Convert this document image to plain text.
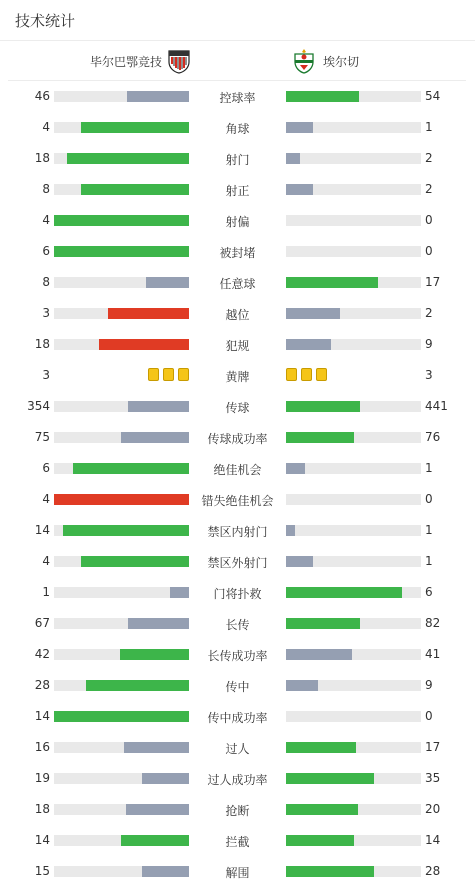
技术统计
毕尔巴鄂竞技	埃尔切
46	控球率	54
4	角球	1
18	射门	2
8	射正	2
4	射偏	0
6	被封堵	0
8	任意球	17
3	越位	2
18	犯规	9
3	黄牌	3
354	传球	441
75	传球成功率	76
6	绝佳机会	1
4	错失绝佳机会	0
14	禁区内射门	1
4	禁区外射门	1
1	门将扑救	6
67	长传	82
42	长传成功率	41
28	传中	9
14	传中成功率	0
16	过人	17
19	过人成功率	35
18	抢断	20
14	拦截	14
15	解围	28
